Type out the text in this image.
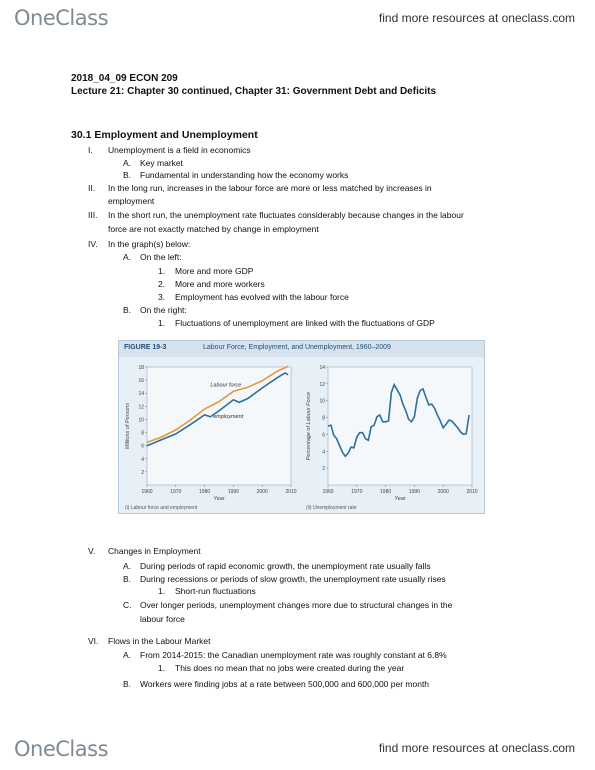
OneClass	find more resources at oneclass.com
2018_04_09 ECON 209
Lecture 21: Chapter 30 continued, Chapter 31: Government Debt and Deficits
30.1 Employment and Unemployment
I. Unemployment is a field in economics
A. Key market
B. Fundamental in understanding how the economy works
II. In the long run, increases in the labour force are more or less matched by increases in
employment
III. In the short run, the unemployment rate fluctuates considerably because changes in the labour
force are not exactly matched by change in employment
IV. In the graph(s) below:
A. On the left:
1. More and more GDP
2. More and more workers
3. Employment has evolved with the labour force
B. On the right:
1. Fluctuations of unemployment are linked with the fluctuations of GDP
V. Changes in Employment
A. During periods of rapid economic growth, the unemployment rate usually falls
B. During recessions or periods of slow growth, the unemployment rate usually rises
1. Short-run fluctuations
C. Over longer periods, unemployment changes more due to structural changes in the
labour force
VI. Flows in the Labour Market
A. From 2014-2015: the Canadian unemployment rate was roughly constant at 6.8%
1. This does no mean that no jobs were created during the year
B. Workers were finding jobs at a rate between 500,000 and 600,000 per month
FIGURE 19-3	Labour Force, Employment, and Unemployment, 1960–2009
2
4
6
8
10
12
14
16
18
1960	1970	1980	1990	2000	2010
Year
Millions of Persons
(i) Labour force and employment
Labour force
employment
2
4
6
8
10
12
14
1960	1970	1980	1990	2000	2010
Year
Percentage of Labour Force
(ii) Unemployment rate
OneClass	find more resources at oneclass.com
